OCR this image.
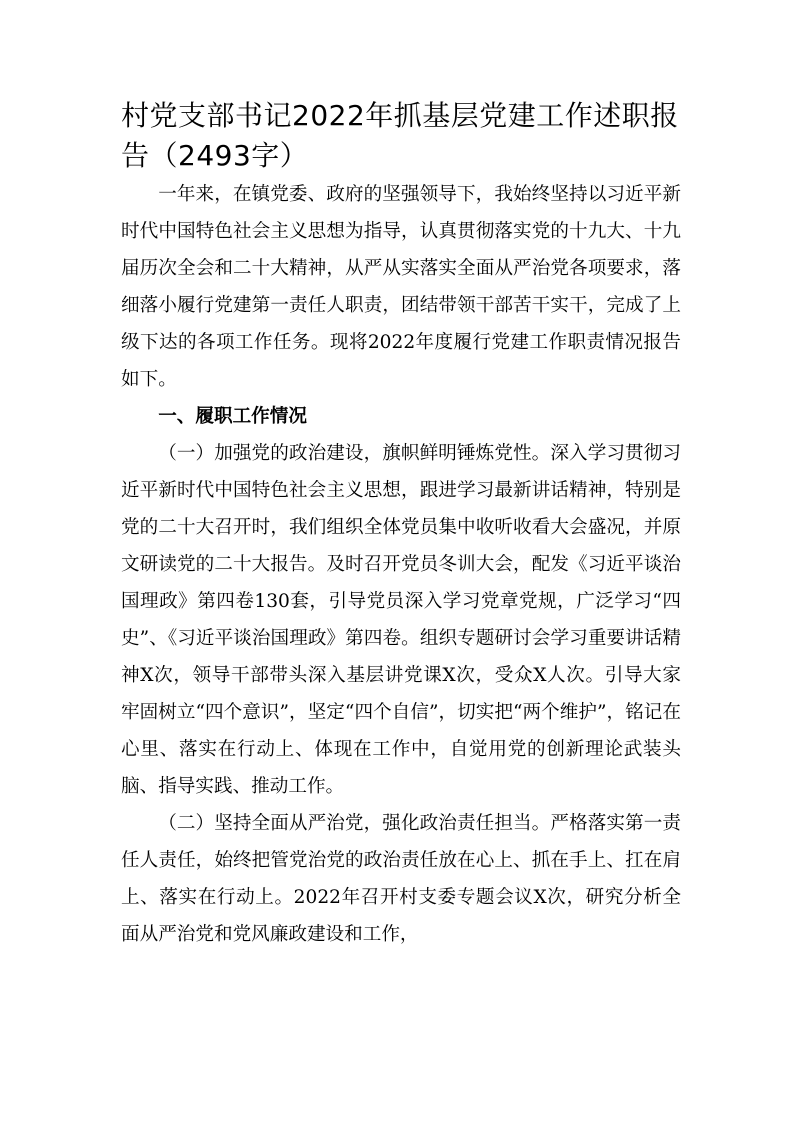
村党支部书记2022年抓基层党建工作述职报告（2493字）

一年来，在镇党委、政府的坚强领导下，我始终坚持以习近平新时代中国特色社会主义思想为指导，认真贯彻落实党的十九大、十九届历次全会和二十大精神，从严从实落实全面从严治党各项要求，落细落小履行党建第一责任人职责，团结带领干部苦干实干，完成了上级下达的各项工作任务。现将2022年度履行党建工作职责情况报告如下。

一、履职工作情况

（一）加强党的政治建设，旗帜鲜明锤炼党性。深入学习贯彻习近平新时代中国特色社会主义思想，跟进学习最新讲话精神，特别是党的二十大召开时，我们组织全体党员集中收听收看大会盛况，并原文研读党的二十大报告。及时召开党员冬训大会，配发《习近平谈治国理政》第四卷130套，引导党员深入学习党章党规，广泛学习“四史”、《习近平谈治国理政》第四卷。组织专题研讨会学习重要讲话精神X次，领导干部带头深入基层讲党课X次，受众X人次。引导大家牢固树立“四个意识”，坚定“四个自信”，切实把“两个维护”，铭记在心里、落实在行动上、体现在工作中，自觉用党的创新理论武装头脑、指导实践、推动工作。

（二）坚持全面从严治党，强化政治责任担当。严格落实第一责任人责任，始终把管党治党的政治责任放在心上、抓在手上、扛在肩上、落实在行动上。2022年召开村支委专题会议X次，研究分析全面从严治党和党风廉政建设和工作，
